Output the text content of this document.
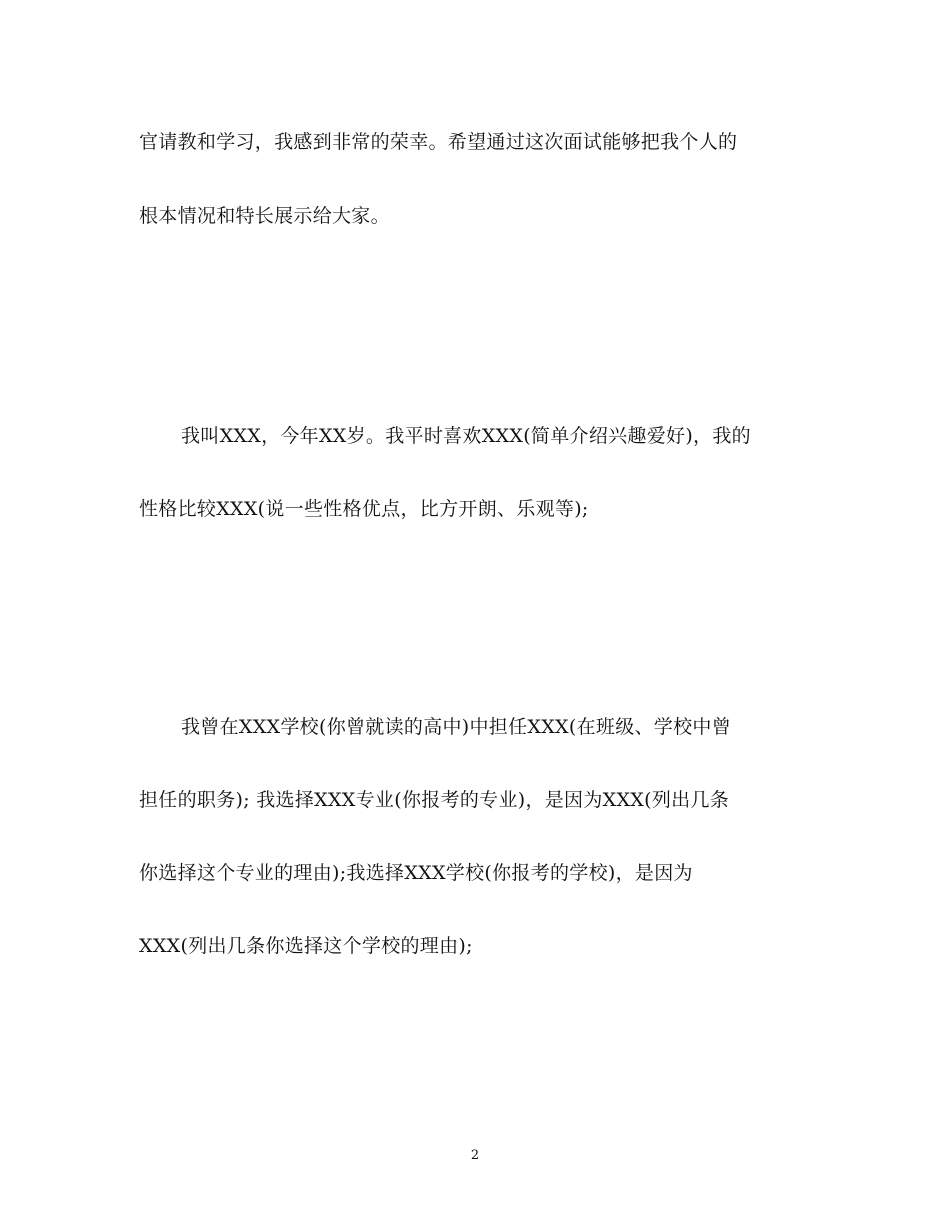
官请教和学习，我感到非常的荣幸。希望通过这次面试能够把我个人的
根本情况和特长展示给大家。
我叫XXX，今年XX岁。我平时喜欢XXX(简单介绍兴趣爱好)，我的
性格比较XXX(说一些性格优点，比方开朗、乐观等);
我曾在XXX学校(你曾就读的高中)中担任XXX(在班级、学校中曾
担任的职务); 我选择XXX专业(你报考的专业)，是因为XXX(列出几条
你选择这个专业的理由);我选择XXX学校(你报考的学校)，是因为
XXX(列出几条你选择这个学校的理由);
2
